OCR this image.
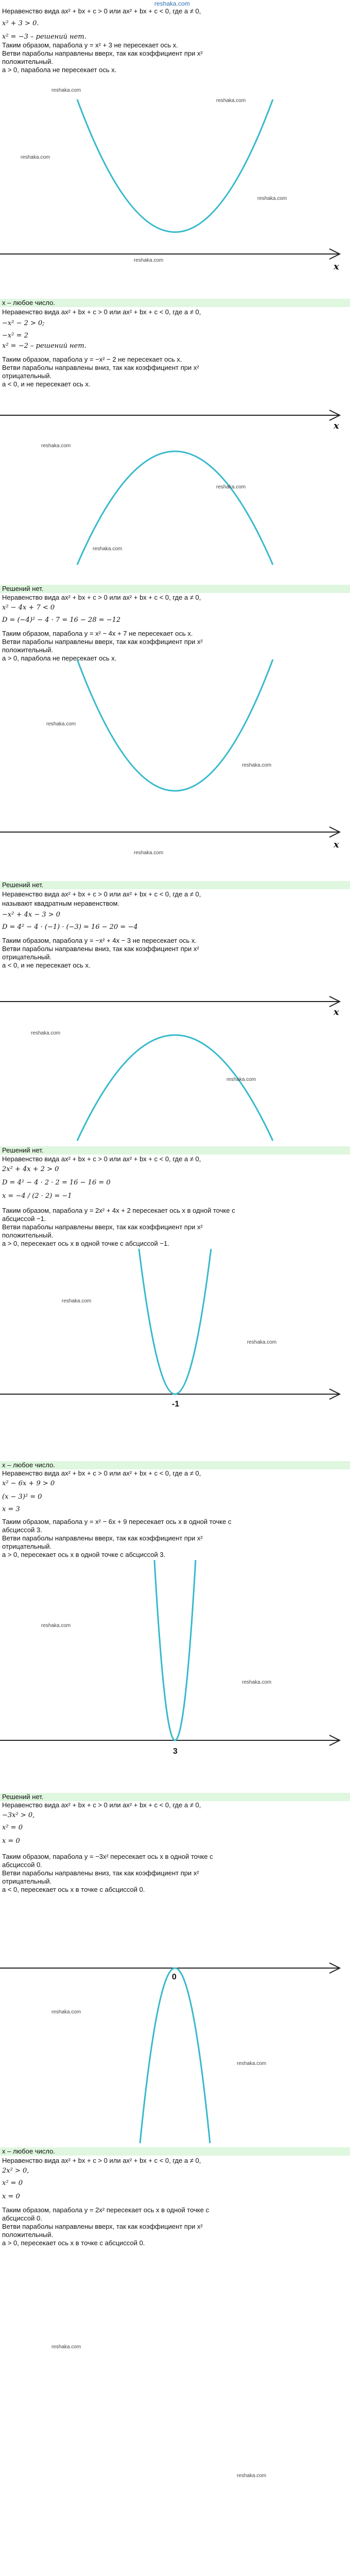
reshaka.com
Неравенство вида ax² + bx + c > 0 или ax² + bx + c < 0, где a ≠ 0,
x² + 3 > 0.
x² = −3 – решений нет.
Таким образом, парабола y = x² + 3 не пересекает ось x.
Ветви параболы направлены вверх, так как коэффициент при x²
положительный.
a > 0, парабола не пересекает ось x.
x
x – любое число.
Неравенство вида ax² + bx + c > 0 или ax² + bx + c < 0, где a ≠ 0,
−x² − 2 > 0;
−x² = 2
x² = −2 – решений нет.
Таким образом, парабола y = −x² − 2 не пересекает ось x.
Ветви параболы направлены вниз, так как коэффициент при x²
отрицательный.
a < 0, и не пересекает ось x.
x
Решений нет.
Неравенство вида ax² + bx + c > 0 или ax² + bx + c < 0, где a ≠ 0,
x² − 4x + 7 < 0
D = (−4)² − 4 · 7 = 16 − 28 = −12
Таким образом, парабола y = x² − 4x + 7 не пересекает ось x.
Ветви параболы направлены вверх, так как коэффициент при x²
положительный.
a > 0, парабола не пересекает ось x.
x
Решений нет.
Неравенство вида ax² + bx + c > 0 или ax² + bx + c < 0, где a ≠ 0,
называют квадратным неравенством.
−x² + 4x − 3 > 0
D = 4² − 4 · (−1) · (−3) = 16 − 20 = −4
Таким образом, парабола y = −x² + 4x − 3 не пересекает ось x.
Ветви параболы направлены вниз, так как коэффициент при x²
отрицательный.
a < 0, и не пересекает ось x.
x
Решений нет.
Неравенство вида ax² + bx + c > 0 или ax² + bx + c < 0, где a ≠ 0,
2x² + 4x + 2 > 0
D = 4² − 4 · 2 · 2 = 16 − 16 = 0
x = −4 / (2 · 2) = −1
Таким образом, парабола y = 2x² + 4x + 2 пересекает ось x в одной точке с
абсциссой −1.
Ветви параболы направлены вверх, так как коэффициент при x²
положительный.
a > 0, пересекает ось x в одной точке с абсциссой −1.
-1
x – любое число.
Неравенство вида ax² + bx + c > 0 или ax² + bx + c < 0, где a ≠ 0,
x² − 6x + 9 > 0
(x − 3)² = 0
x = 3
Таким образом, парабола y = x² − 6x + 9 пересекает ось x в одной точке с
абсциссой 3.
Ветви параболы направлены вверх, так как коэффициент при x²
отрицательный.
a > 0, пересекает ось x в одной точке с абсциссой 3.
3
Решений нет.
Неравенство вида ax² + bx + c > 0 или ax² + bx + c < 0, где a ≠ 0,
−3x² > 0,
x² = 0
x = 0
Таким образом, парабола y = −3x² пересекает ось x в одной точке с
абсциссой 0.
Ветви параболы направлены вниз, так как коэффициент при x²
отрицательный.
a < 0, пересекает ось x в точке с абсциссой 0.
0
x – любое число.
Неравенство вида ax² + bx + c > 0 или ax² + bx + c < 0, где a ≠ 0,
2x² > 0,
x² = 0
x = 0
Таким образом, парабола y = 2x² пересекает ось x в одной точке с
абсциссой 0.
Ветви параболы направлены вверх, так как коэффициент при x²
положительный.
a > 0, пересекает ось x в точке с абсциссой 0.
reshaka.com
reshaka.com
reshaka.com
reshaka.com
reshaka.com
reshaka.com
reshaka.com
reshaka.com
reshaka.com
reshaka.com
reshaka.com
reshaka.com
reshaka.com
reshaka.com
reshaka.com
reshaka.com
reshaka.com
reshaka.com
reshaka.com
reshaka.com
reshaka.com
